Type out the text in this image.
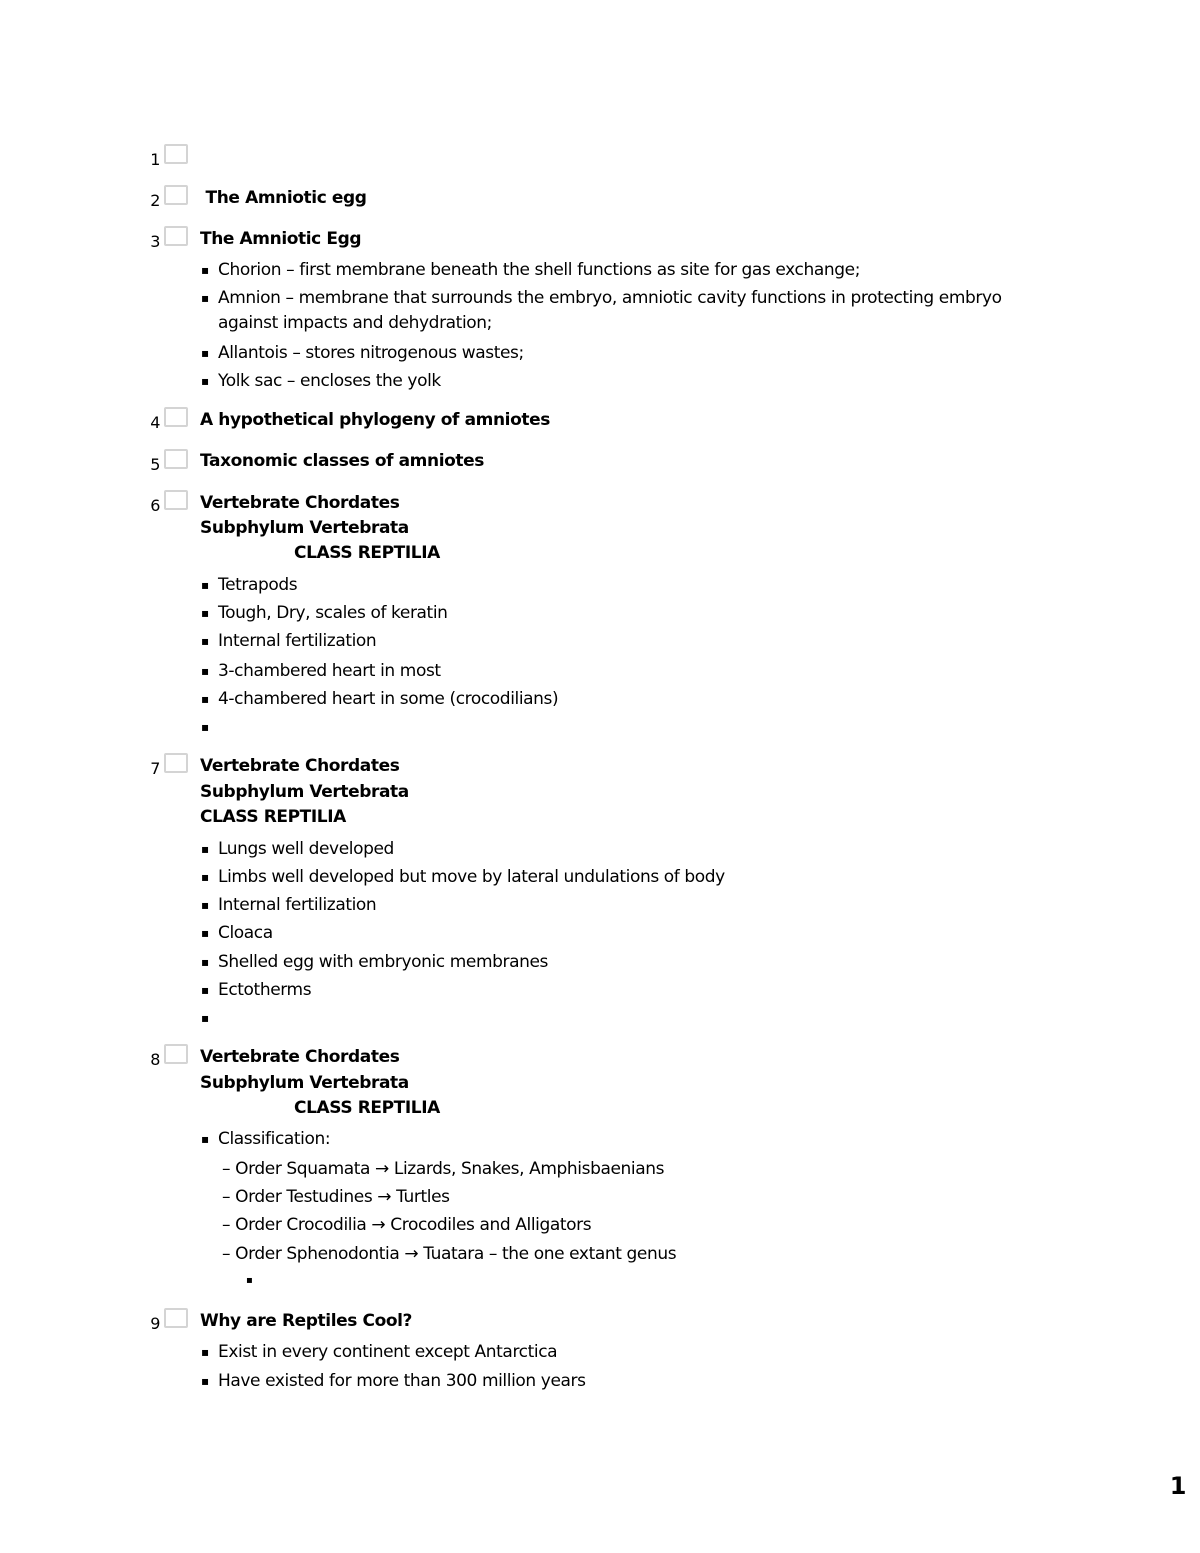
1
2 The Amniotic egg
3 The Amniotic Egg
▪ Chorion – first membrane beneath the shell functions as site for gas exchange;
▪ Amnion – membrane that surrounds the embryo, amniotic cavity functions in protecting embryo
against impacts and dehydration;
▪ Allantois – stores nitrogenous wastes;
▪ Yolk sac – encloses the yolk
4 A hypothetical phylogeny of amniotes
5 Taxonomic classes of amniotes
6 Vertebrate Chordates
Subphylum Vertebrata
CLASS REPTILIA
▪ Tetrapods
▪ Tough, Dry, scales of keratin
▪ Internal fertilization
▪ 3-chambered heart in most
▪ 4-chambered heart in some (crocodilians)
▪
7 Vertebrate Chordates
Subphylum Vertebrata
CLASS REPTILIA
▪ Lungs well developed
▪ Limbs well developed but move by lateral undulations of body
▪ Internal fertilization
▪ Cloaca
▪ Shelled egg with embryonic membranes
▪ Ectotherms
▪
8 Vertebrate Chordates
Subphylum Vertebrata
CLASS REPTILIA
▪ Classification:
– Order Squamata → Lizards, Snakes, Amphisbaenians
– Order Testudines → Turtles
– Order Crocodilia → Crocodiles and Alligators
– Order Sphenodontia → Tuatara – the one extant genus
▪
9 Why are Reptiles Cool?
▪ Exist in every continent except Antarctica
▪ Have existed for more than 300 million years
1
